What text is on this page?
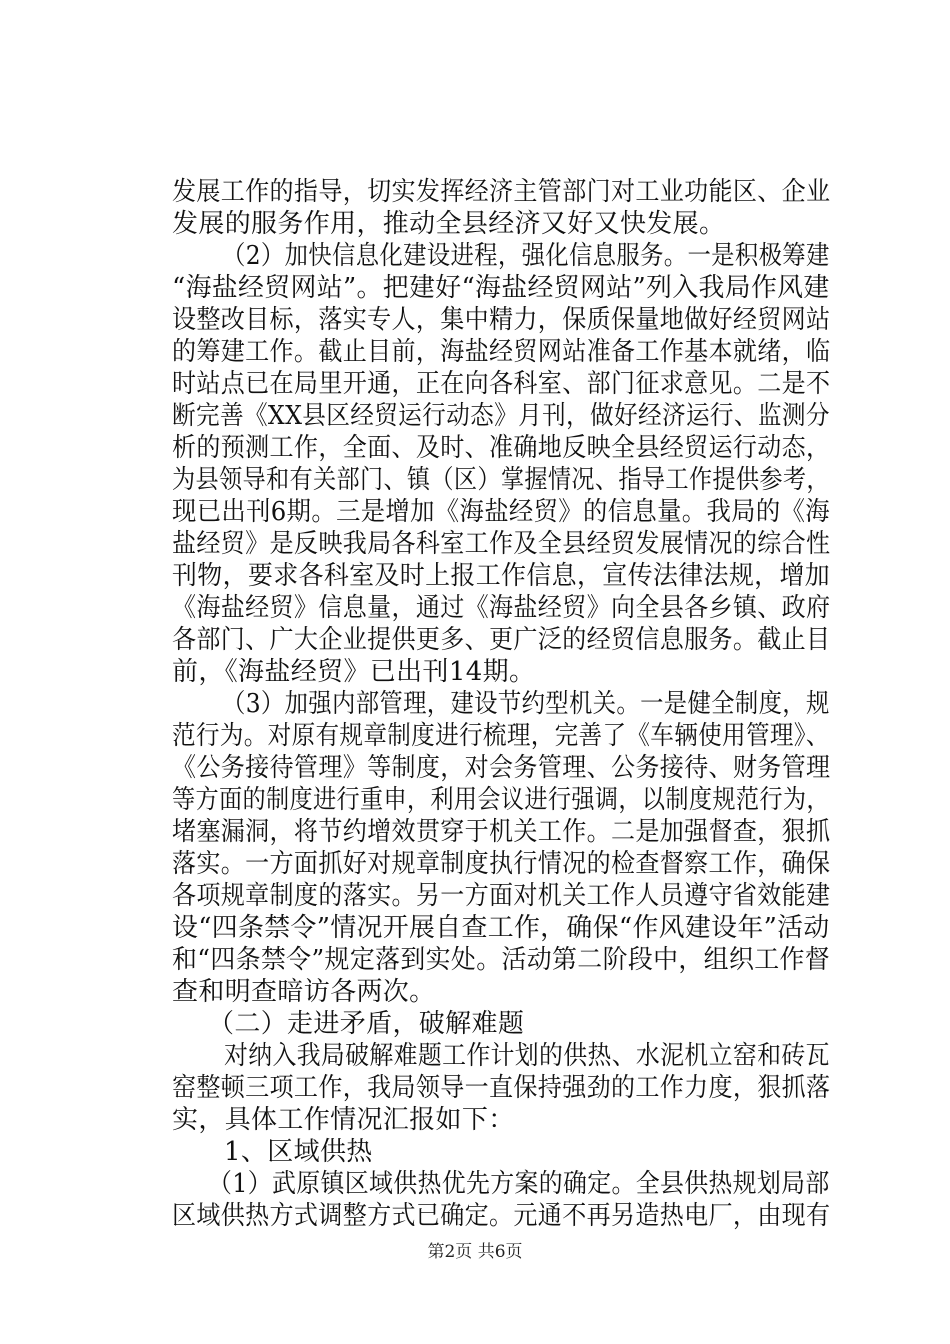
发展工作的指导，切实发挥经济主管部门对工业功能区、企业
发展的服务作用，推动全县经济又好又快发展。
（2）加快信息化建设进程，强化信息服务。一是积极筹建
“海盐经贸网站”。把建好“海盐经贸网站”列入我局作风建
设整改目标，落实专人，集中精力，保质保量地做好经贸网站
的筹建工作。截止目前，海盐经贸网站准备工作基本就绪，临
时站点已在局里开通，正在向各科室、部门征求意见。二是不
断完善《XX县区经贸运行动态》月刊，做好经济运行、监测分
析的预测工作，全面、及时、准确地反映全县经贸运行动态，
为县领导和有关部门、镇（区）掌握情况、指导工作提供参考，
现已出刊6期。三是增加《海盐经贸》的信息量。我局的《海
盐经贸》是反映我局各科室工作及全县经贸发展情况的综合性
刊物，要求各科室及时上报工作信息，宣传法律法规，增加
《海盐经贸》信息量，通过《海盐经贸》向全县各乡镇、政府
各部门、广大企业提供更多、更广泛的经贸信息服务。截止目
前，《海盐经贸》已出刊14期。
（3）加强内部管理，建设节约型机关。一是健全制度，规
范行为。对原有规章制度进行梳理，完善了《车辆使用管理》、
《公务接待管理》等制度，对会务管理、公务接待、财务管理
等方面的制度进行重申，利用会议进行强调，以制度规范行为，
堵塞漏洞，将节约增效贯穿于机关工作。二是加强督查，狠抓
落实。一方面抓好对规章制度执行情况的检查督察工作，确保
各项规章制度的落实。另一方面对机关工作人员遵守省效能建
设“四条禁令”情况开展自查工作，确保“作风建设年”活动
和“四条禁令”规定落到实处。活动第二阶段中，组织工作督
查和明查暗访各两次。
（二）走进矛盾，破解难题
对纳入我局破解难题工作计划的供热、水泥机立窑和砖瓦
窑整顿三项工作，我局领导一直保持强劲的工作力度，狠抓落
实，具体工作情况汇报如下：
1、区域供热
（1）武原镇区域供热优先方案的确定。全县供热规划局部
区域供热方式调整方式已确定。元通不再另造热电厂，由现有
第2页 共6页
